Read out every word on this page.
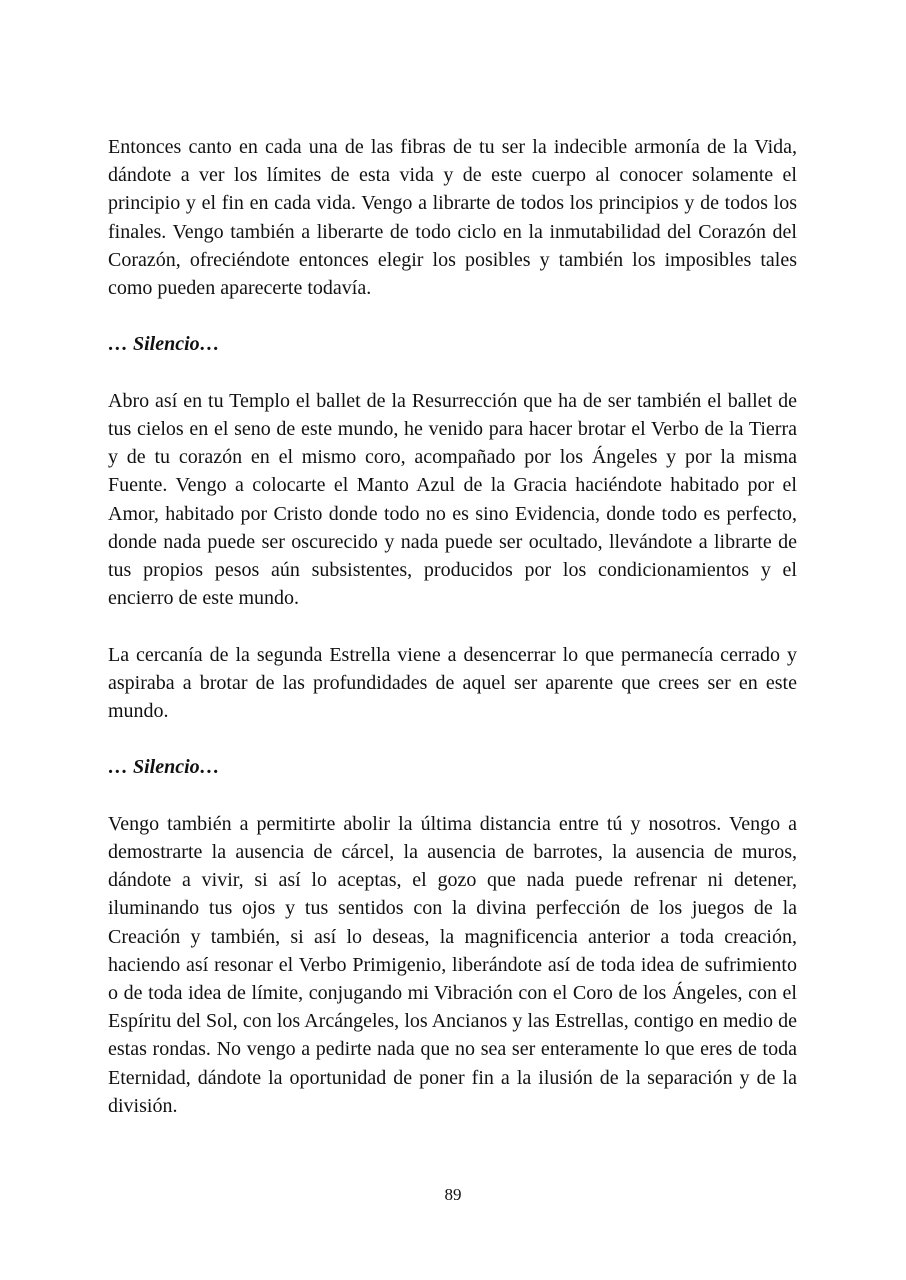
Entonces canto en cada una de las fibras de tu ser la indecible armonía de la Vida, dándote a ver los límites de esta vida y de este cuerpo al conocer solamente el principio y el fin en cada vida. Vengo a librarte de todos los principios y de todos los finales. Vengo también a liberarte de todo ciclo en la inmutabilidad del Corazón del Corazón, ofreciéndote entonces elegir los posibles y también los imposibles tales como pueden aparecerte todavía.

… Silencio…

Abro así en tu Templo el ballet de la Resurrección que ha de ser también el ballet de tus cielos en el seno de este mundo, he venido para hacer brotar el Verbo de la Tierra y de tu corazón en el mismo coro, acompañado por los Ángeles y por la misma Fuente. Vengo a colocarte el Manto Azul de la Gracia haciéndote habitado por el Amor, habitado por Cristo donde todo no es sino Evidencia, donde todo es perfecto, donde nada puede ser oscurecido y nada puede ser ocultado, llevándote a librarte de tus propios pesos aún subsistentes, producidos por los condicionamientos y el encierro de este mundo.

La cercanía de la segunda Estrella viene a desencerrar lo que permanecía cerrado y aspiraba a brotar de las profundidades de aquel ser aparente que crees ser en este mundo.

… Silencio…

Vengo también a permitirte abolir la última distancia entre tú y nosotros. Vengo a demostrarte la ausencia de cárcel, la ausencia de barrotes, la ausencia de muros, dándote a vivir, si así lo aceptas, el gozo que nada puede refrenar ni detener, iluminando tus ojos y tus sentidos con la divina perfección de los juegos de la Creación y también, si así lo deseas, la magnificencia anterior a toda creación, haciendo así resonar el Verbo Primigenio, liberándote así de toda idea de sufrimiento o de toda idea de límite, conjugando mi Vibración con el Coro de los Ángeles, con el Espíritu del Sol, con los Arcángeles, los Ancianos y las Estrellas, contigo en medio de estas rondas. No vengo a pedirte nada que no sea ser enteramente lo que eres de toda Eternidad, dándote la oportunidad de poner fin a la ilusión de la separación y de la división.

89
